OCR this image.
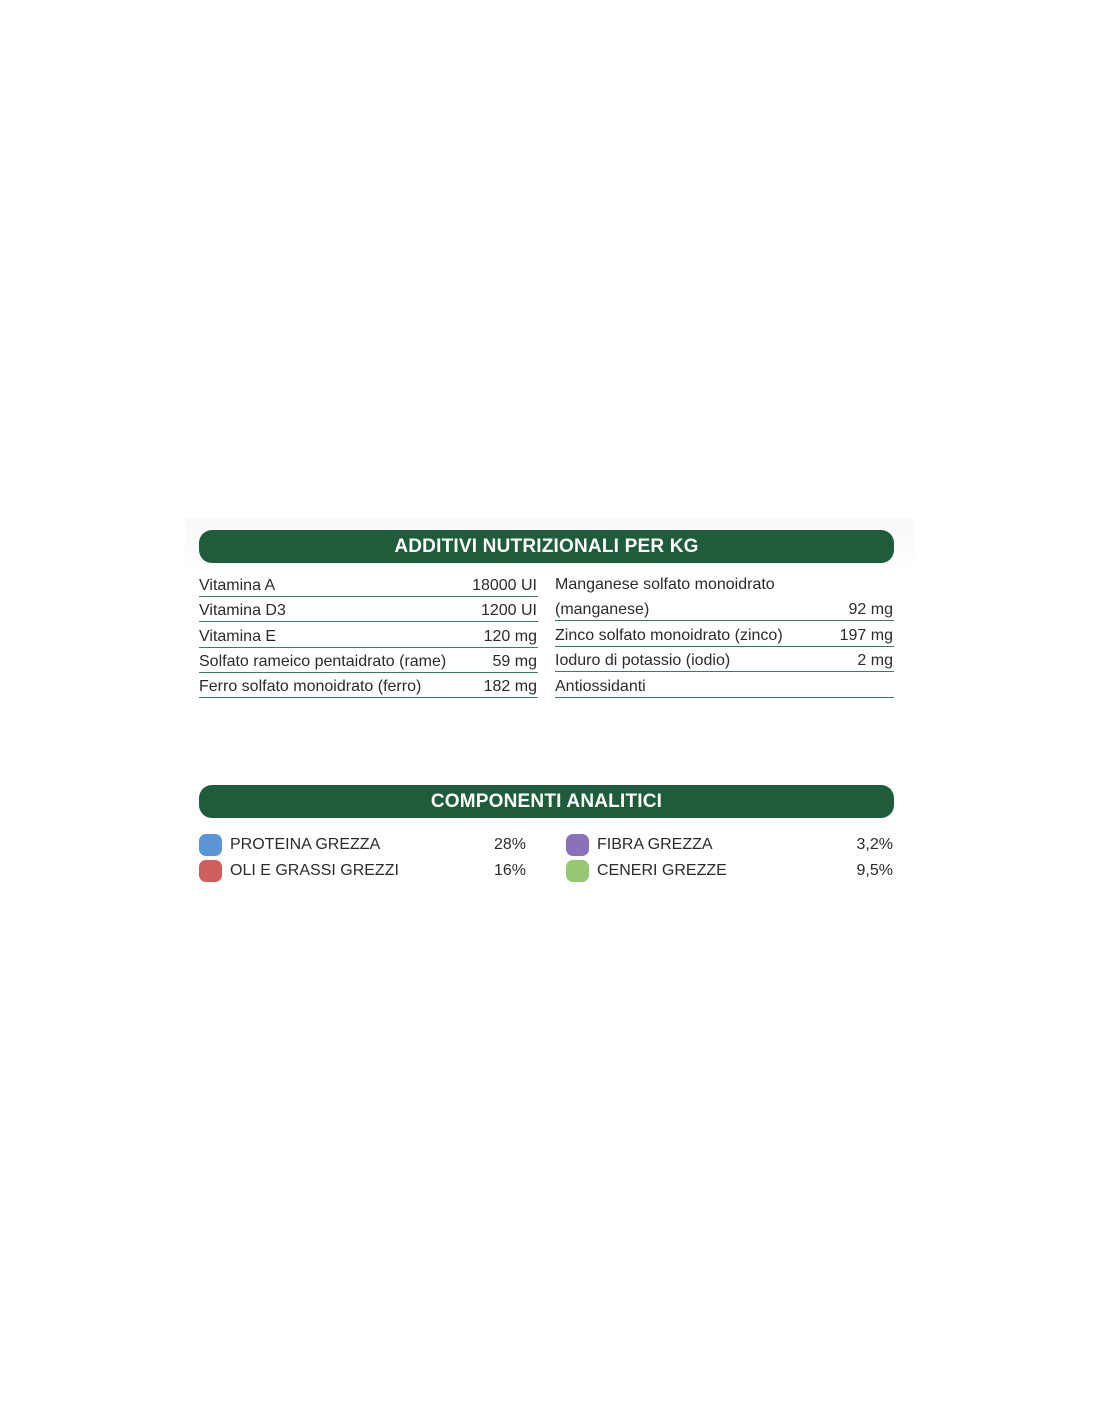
ADDITIVI NUTRIZIONALI PER KG
Vitamina A	18000 UI
Vitamina D3	1200 UI
Vitamina E	120 mg
Solfato rameico pentaidrato (rame)	59 mg
Ferro solfato monoidrato (ferro)	182 mg
Manganese solfato monoidrato
(manganese)	92 mg
Zinco solfato monoidrato (zinco)	197 mg
Ioduro di potassio (iodio)	2 mg
Antiossidanti
COMPONENTI ANALITICI
PROTEINA GREZZA	28%
OLI E GRASSI GREZZI	16%
FIBRA GREZZA	3,2%
CENERI GREZZE	9,5%
